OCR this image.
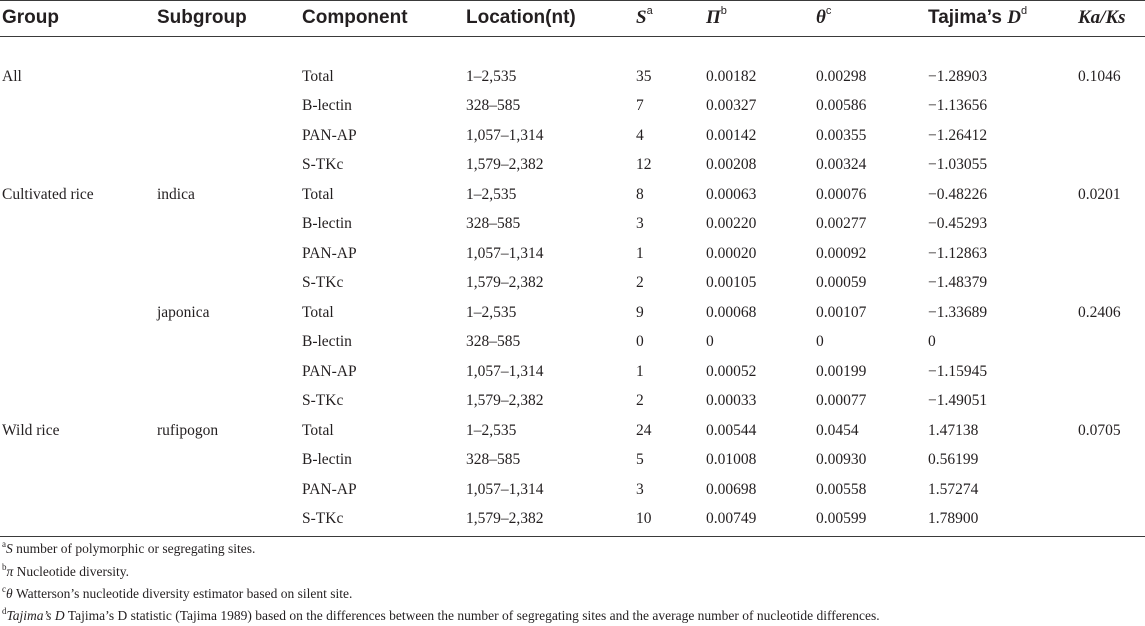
Group	Subgroup	Component	Location(nt)	$S^a$	$\Pi^b$	$\theta^c$	Tajima’s $D^d$	Ka/Ks
All		Total	1–2,535	35	0.00182	0.00298	−1.28903	0.1046
		B-lectin	328–585	7	0.00327	0.00586	−1.13656	
		PAN-AP	1,057–1,314	4	0.00142	0.00355	−1.26412	
		S-TKc	1,579–2,382	12	0.00208	0.00324	−1.03055	
Cultivated rice	indica	Total	1–2,535	8	0.00063	0.00076	−0.48226	0.0201
		B-lectin	328–585	3	0.00220	0.00277	−0.45293	
		PAN-AP	1,057–1,314	1	0.00020	0.00092	−1.12863	
		S-TKc	1,579–2,382	2	0.00105	0.00059	−1.48379	
	japonica	Total	1–2,535	9	0.00068	0.00107	−1.33689	0.2406
		B-lectin	328–585	0	0	0	0	
		PAN-AP	1,057–1,314	1	0.00052	0.00199	−1.15945	
		S-TKc	1,579–2,382	2	0.00033	0.00077	−1.49051	
Wild rice	rufipogon	Total	1–2,535	24	0.00544	0.0454	1.47138	0.0705
		B-lectin	328–585	5	0.01008	0.00930	0.56199	
		PAN-AP	1,057–1,314	3	0.00698	0.00558	1.57274	
		S-TKc	1,579–2,382	10	0.00749	0.00599	1.78900	
$^a$S number of polymorphic or segregating sites.
$^b$π Nucleotide diversity.
$^c$θ Watterson’s nucleotide diversity estimator based on silent site.
$^d$Tajima’s D Tajima’s D statistic (Tajima 1989) based on the differences between the number of segregating sites and the average number of nucleotide differences.
